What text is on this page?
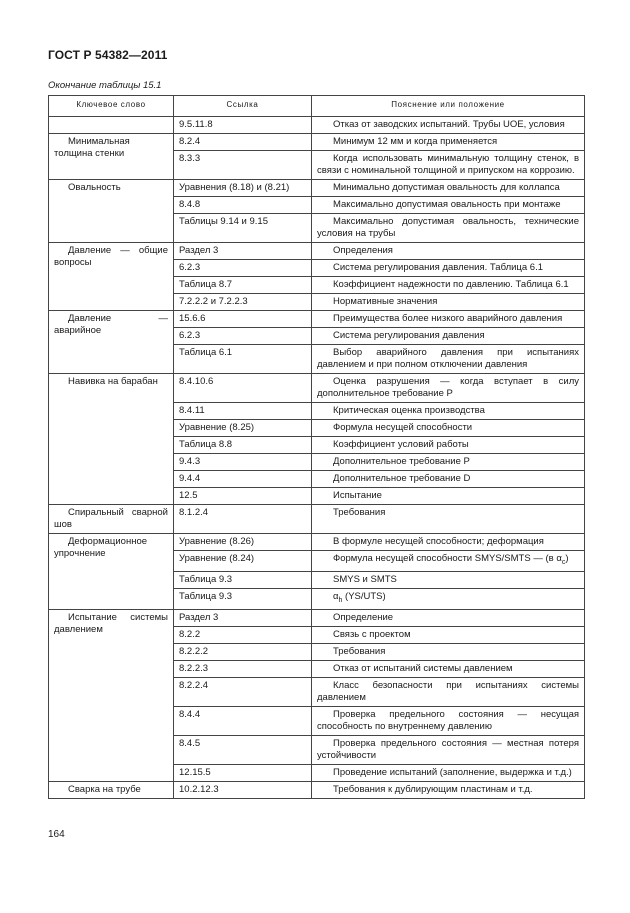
ГОСТ Р 54382—2011
Окончание таблицы 15.1
Ключевое слово	Ссылка	Пояснение или положение
	9.5.11.8	Отказ от заводских испытаний. Трубы UOE, условия
Минимальная толщина стенки	8.2.4	Минимум 12 мм и когда применяется
	8.3.3	Когда использовать минимальную толщину стенок, в связи с номинальной толщиной и припуском на коррозию.
Овальность	Уравнения (8.18) и (8.21)	Минимально допустимая овальность для коллапса
	8.4.8	Максимально допустимая овальность при монтаже
	Таблицы 9.14 и 9.15	Максимально допустимая овальность, технические условия на трубы
Давление — общие вопросы	Раздел 3	Определения
	6.2.3	Система регулирования давления. Таблица 6.1
	Таблица 8.7	Коэффициент надежности по давлению. Таблица 6.1
	7.2.2.2 и 7.2.2.3	Нормативные значения
Давление — аварийное	15.6.6	Преимущества более низкого аварийного давления
	6.2.3	Система регулирования давления
	Таблица 6.1	Выбор аварийного давления при испытаниях давлением и при полном отключении давления
Навивка на барабан	8.4.10.6	Оценка разрушения — когда вступает в силу дополнительное требование Р
	8.4.11	Критическая оценка производства
	Уравнение (8.25)	Формула несущей способности
	Таблица 8.8	Коэффициент условий работы
	9.4.3	Дополнительное требование Р
	9.4.4	Дополнительное требование D
	12.5	Испытание
Спиральный сварной шов	8.1.2.4	Требования
Деформационное упрочнение	Уравнение (8.26)	В формуле несущей способности; деформация
	Уравнение (8.24)	Формула несущей способности SMYS/SMTS — (в $\alpha_c$)
	Таблица 9.3	SMYS и SMTS
	Таблица 9.3	$\alpha_h$ (YS/UTS)
Испытание системы давлением	Раздел 3	Определение
	8.2.2	Связь с проектом
	8.2.2.2	Требования
	8.2.2.3	Отказ от испытаний системы давлением
	8.2.2.4	Класс безопасности при испытаниях системы давлением
	8.4.4	Проверка предельного состояния — несущая способность по внутреннему давлению
	8.4.5	Проверка предельного состояния — местная потеря устойчивости
	12.15.5	Проведение испытаний (заполнение, выдержка и т.д.)
Сварка на трубе	10.2.12.3	Требования к дублирующим пластинам и т.д.
164
